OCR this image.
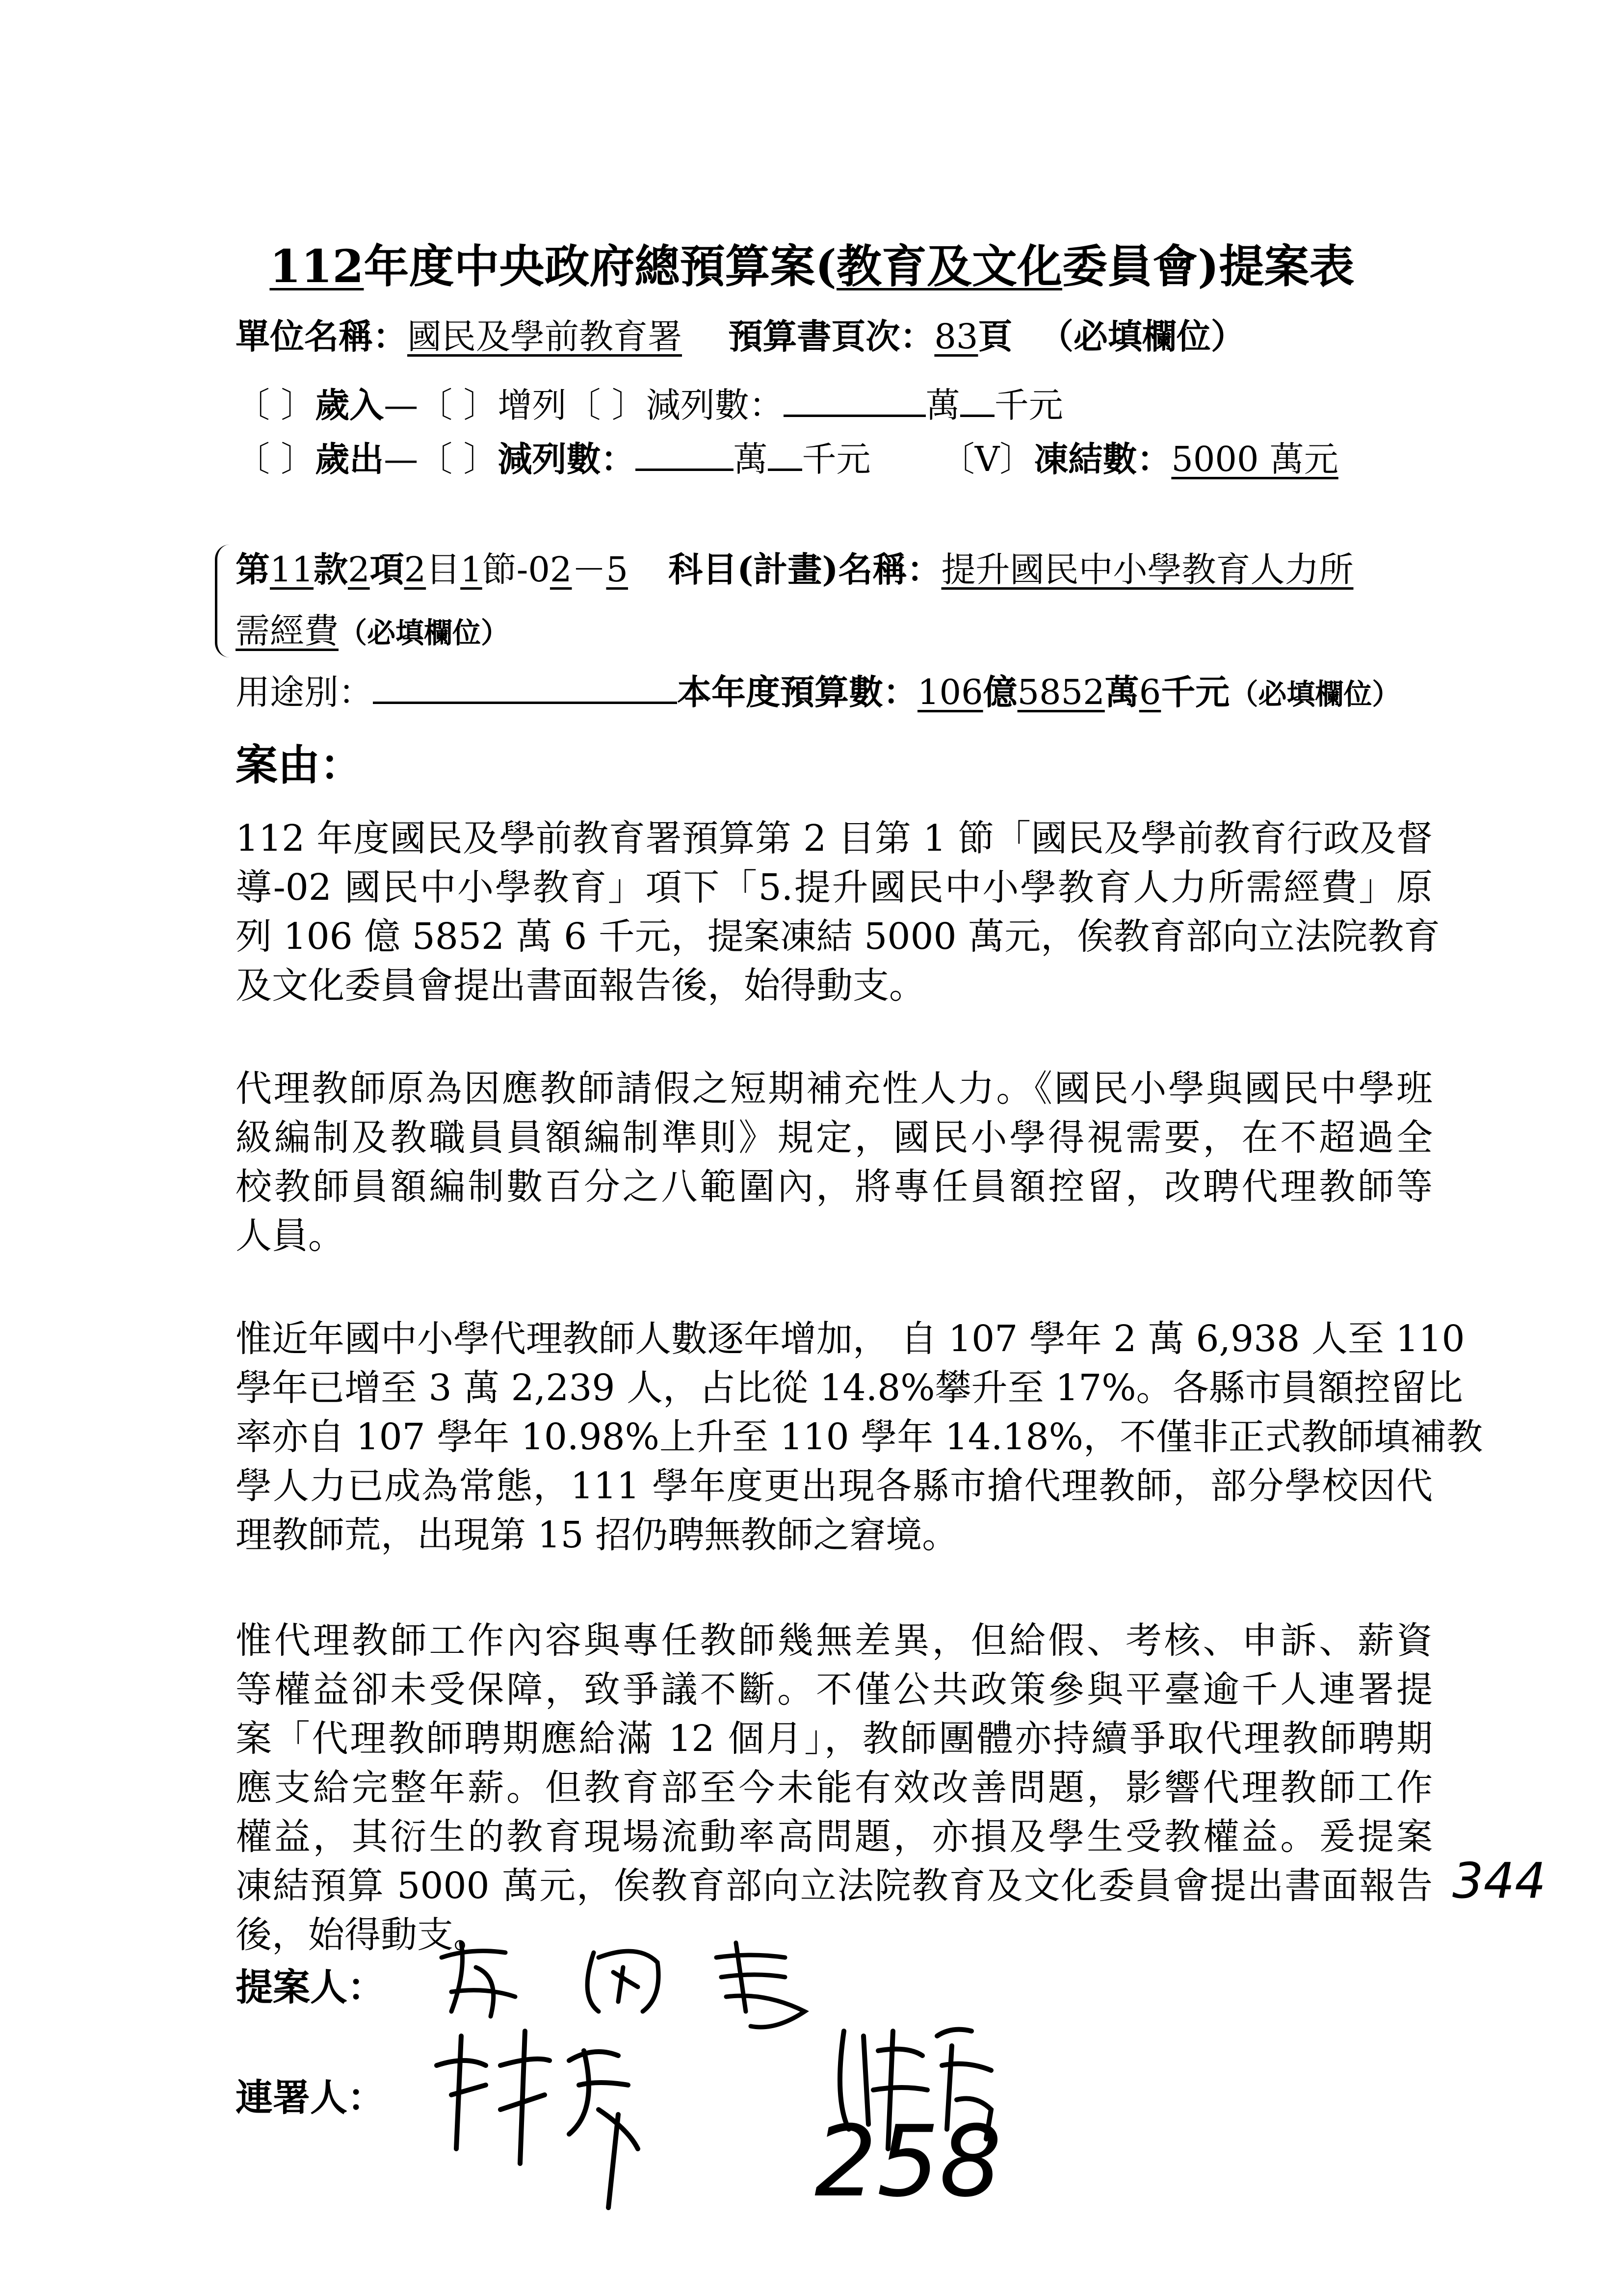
112年度中央政府總預算案(教育及文化委員會)提案表
單位名稱：國民及學前教育署 預算書頁次：83頁 （必填欄位）
〔 〕歲入—〔 〕增列〔 〕減列數：	萬 千元
〔 〕歲出—〔 〕減列數：	萬 千元 〔V〕凍結數：5000 萬元
第11款2項2目1節-02－5 科目(計畫)名稱：提升國民中小學教育人力所
需經費（必填欄位）
用途別：	本年度預算數：106億5852萬6千元（必填欄位）
案由：
112 年度國民及學前教育署預算第 2 目第 1 節「國民及學前教育行政及督
導-02 國民中小學教育」項下「5.提升國民中小學教育人力所需經費」原
列 106 億 5852 萬 6 千元，提案凍結 5000 萬元，俟教育部向立法院教育
及文化委員會提出書面報告後，始得動支。
代理教師原為因應教師請假之短期補充性人力。《國民小學與國民中學班
級編制及教職員員額編制準則》規定，國民小學得視需要，在不超過全
校教師員額編制數百分之八範圍內，將專任員額控留，改聘代理教師等
人員。
惟近年國中小學代理教師人數逐年增加， 自 107 學年 2 萬 6,938 人至 110
學年已增至 3 萬 2,239 人，占比從 14.8%攀升至 17%。各縣市員額控留比
率亦自 107 學年 10.98%上升至 110 學年 14.18%，不僅非正式教師填補教
學人力已成為常態，111 學年度更出現各縣市搶代理教師，部分學校因代
理教師荒，出現第 15 招仍聘無教師之窘境。
惟代理教師工作內容與專任教師幾無差異，但給假、考核、申訴、薪資
等權益卻未受保障，致爭議不斷。不僅公共政策參與平臺逾千人連署提
案「代理教師聘期應給滿 12 個月」，教師團體亦持續爭取代理教師聘期
應支給完整年薪。但教育部至今未能有效改善問題，影響代理教師工作
權益，其衍生的教育現場流動率高問題，亦損及學生受教權益。爰提案
凍結預算 5000 萬元，俟教育部向立法院教育及文化委員會提出書面報告
後，始得動支。
提案人：
連署人：
258
344
